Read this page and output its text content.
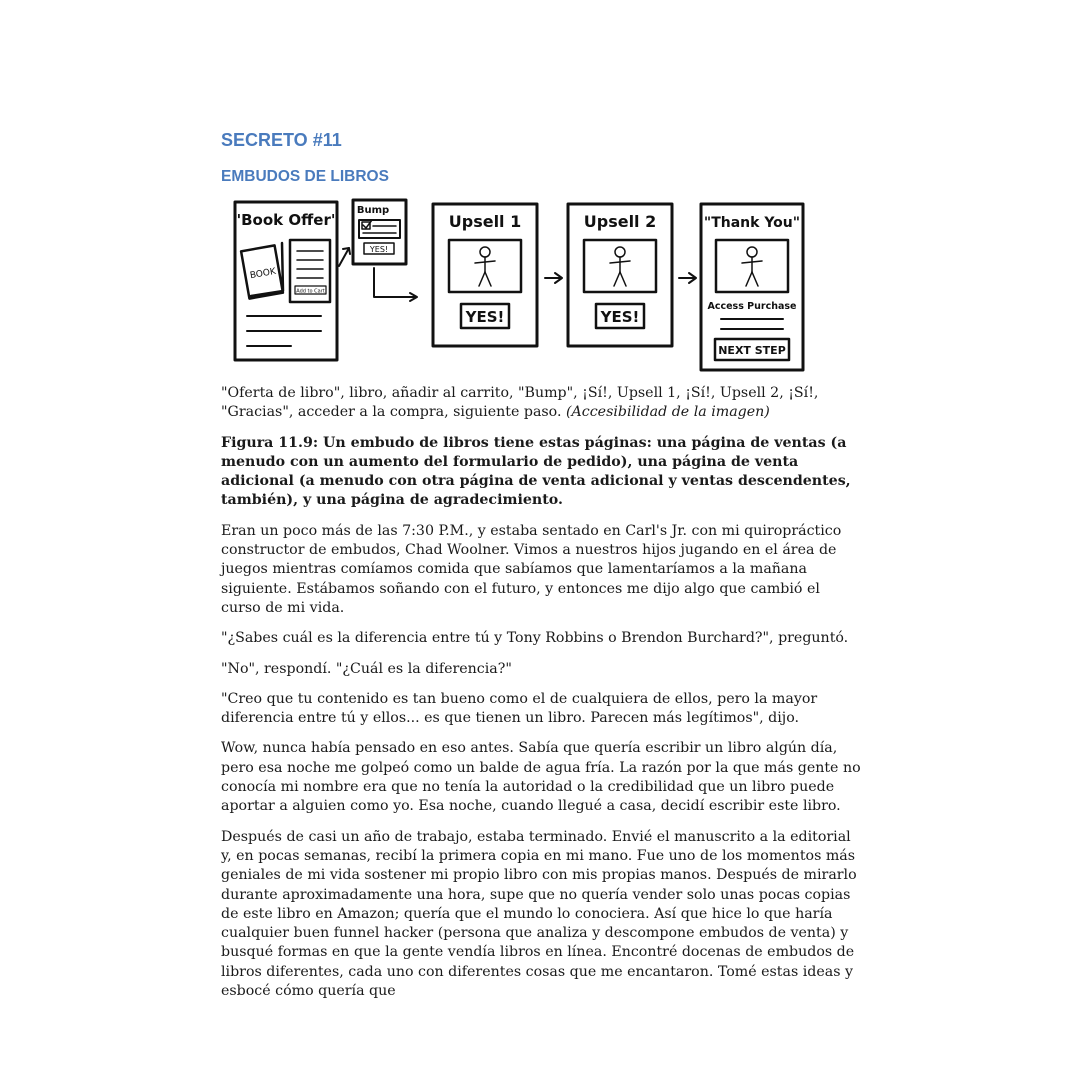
SECRETO #11
EMBUDOS DE LIBROS
"Book Offer"
BOOK
Add to Cart
Bump
YES!
Upsell 1
YES!
Upsell 2
YES!
"Thank You"
Access Purchase
NEXT STEP

"Oferta de libro", libro, añadir al carrito, "Bump", ¡Sí!, Upsell 1, ¡Sí!, Upsell 2, ¡Sí!, "Gracias", acceder a la compra, siguiente paso. (Accesibilidad de la imagen)

Figura 11.9: Un embudo de libros tiene estas páginas: una página de ventas (a menudo con un aumento del formulario de pedido), una página de venta adicional (a menudo con otra página de venta adicional y ventas descendentes, también), y una página de agradecimiento.

Eran un poco más de las 7:30 P.M., y estaba sentado en Carl's Jr. con mi quiropráctico constructor de embudos, Chad Woolner. Vimos a nuestros hijos jugando en el área de juegos mientras comíamos comida que sabíamos que lamentaríamos a la mañana siguiente. Estábamos soñando con el futuro, y entonces me dijo algo que cambió el curso de mi vida.

"¿Sabes cuál es la diferencia entre tú y Tony Robbins o Brendon Burchard?", preguntó.

"No", respondí. "¿Cuál es la diferencia?"

"Creo que tu contenido es tan bueno como el de cualquiera de ellos, pero la mayor diferencia entre tú y ellos... es que tienen un libro. Parecen más legítimos", dijo.

Wow, nunca había pensado en eso antes. Sabía que quería escribir un libro algún día, pero esa noche me golpeó como un balde de agua fría. La razón por la que más gente no conocía mi nombre era que no tenía la autoridad o la credibilidad que un libro puede aportar a alguien como yo. Esa noche, cuando llegué a casa, decidí escribir este libro.

Después de casi un año de trabajo, estaba terminado. Envié el manuscrito a la editorial y, en pocas semanas, recibí la primera copia en mi mano. Fue uno de los momentos más geniales de mi vida sostener mi propio libro con mis propias manos. Después de mirarlo durante aproximadamente una hora, supe que no quería vender solo unas pocas copias de este libro en Amazon; quería que el mundo lo conociera. Así que hice lo que haría cualquier buen funnel hacker (persona que analiza y descompone embudos de venta) y busqué formas en que la gente vendía libros en línea. Encontré docenas de embudos de libros diferentes, cada uno con diferentes cosas que me encantaron. Tomé estas ideas y esbocé cómo quería que
